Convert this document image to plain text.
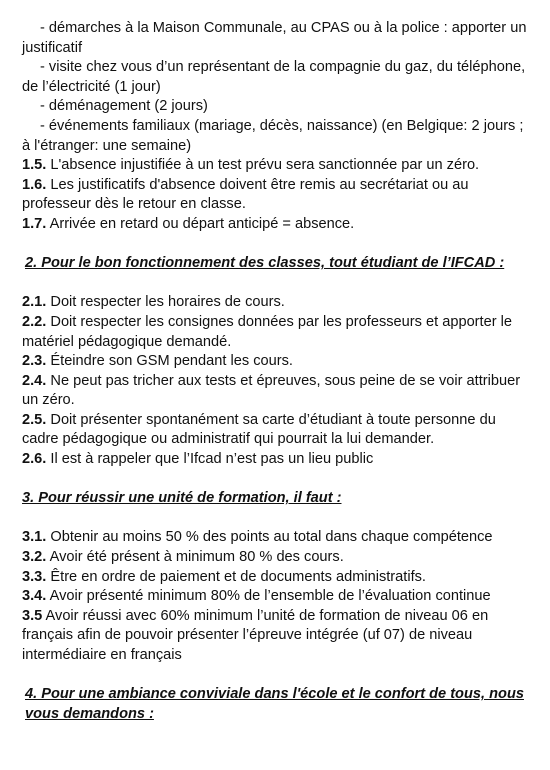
- démarches à la Maison Communale, au CPAS ou à la police : apporter un justificatif

- visite chez vous d’un représentant de la compagnie du gaz, du téléphone, de l’électricité (1 jour)

- déménagement (2 jours)

- événements familiaux (mariage, décès, naissance) (en Belgique: 2 jours ; à l'étranger: une semaine)

1.5. L'absence injustifiée à un test prévu sera sanctionnée par un zéro.

1.6. Les justificatifs d'absence doivent être remis au secrétariat ou au professeur dès le retour en classe.

1.7. Arrivée en retard ou départ anticipé = absence.

2. Pour le bon fonctionnement des classes, tout étudiant de l’IFCAD :

2.1. Doit respecter les horaires de cours.

2.2. Doit respecter les consignes données par les professeurs et apporter le matériel pédagogique demandé.

2.3. Éteindre son GSM pendant les cours.

2.4. Ne peut pas tricher aux tests et épreuves, sous peine de se voir attribuer un zéro.

2.5. Doit présenter spontanément sa carte d’étudiant à toute personne du cadre pédagogique ou administratif qui pourrait la lui demander.

2.6. Il est à rappeler que l’Ifcad n’est pas un lieu public

3. Pour réussir une unité de formation, il faut :

3.1. Obtenir au moins 50 % des points au total dans chaque compétence

3.2. Avoir été présent à minimum 80 % des cours.

3.3. Être en ordre de paiement et de documents administratifs.

3.4. Avoir présenté minimum 80% de l’ensemble de l’évaluation continue

3.5 Avoir réussi avec 60% minimum l’unité de formation de niveau 06 en français afin de pouvoir présenter l’épreuve intégrée (uf 07) de niveau intermédiaire en français

4. Pour une ambiance conviviale dans l'école et le confort de tous, nous vous demandons :
